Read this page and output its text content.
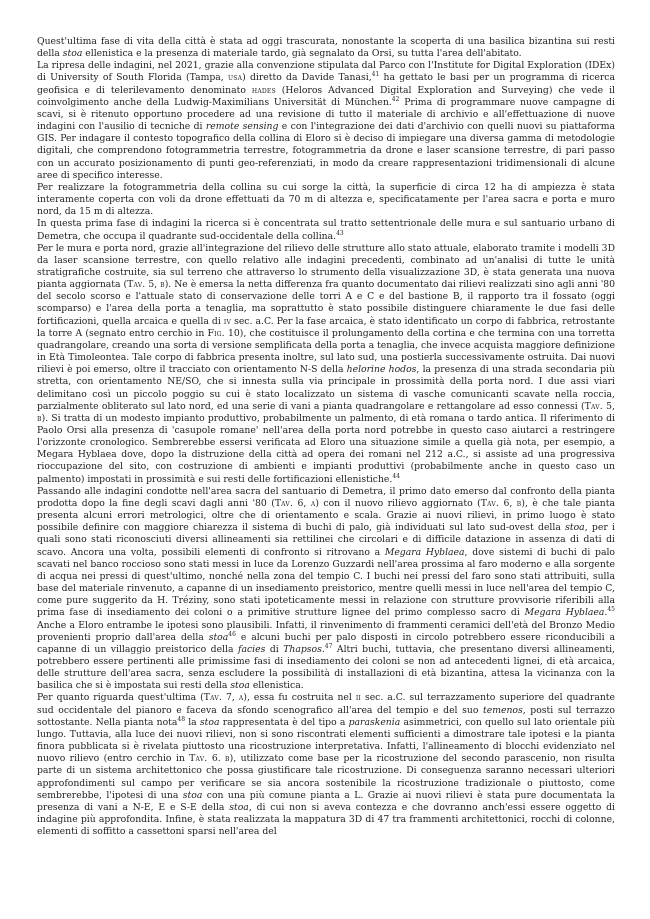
Quest'ultima fase di vita della città è stata ad oggi trascurata, nonostante la scoperta di una basilica bizantina sui resti della stoa ellenistica e la presenza di materiale tardo, già segnalato da Orsi, su tutta l'area dell'abitato.

La ripresa delle indagini, nel 2021, grazie alla convenzione stipulata dal Parco con l'Institute for Digital Exploration (IDEx) di University of South Florida (Tampa, usa) diretto da Davide Tanasi,$^{41}$ ha gettato le basi per un programma di ricerca geofisica e di telerilevamento denominato hades (Heloros Advanced Digital Exploration and Surveying) che vede il coinvolgimento anche della Ludwig-Maximilians Universität di München.$^{42}$ Prima di programmare nuove campagne di scavi, si è ritenuto opportuno procedere ad una revisione di tutto il materiale di archivio e all'effettuazione di nuove indagini con l'ausilio di tecniche di remote sensing e con l'integrazione dei dati d'archivio con quelli nuovi su piattaforma GIS. Per indagare il contesto topografico della collina di Eloro si è deciso di impiegare una diversa gamma di metodologie digitali, che comprendono fotogrammetria terrestre, fotogrammetria da drone e laser scansione terrestre, di pari passo con un accurato posizionamento di punti geo-referenziati, in modo da creare rappresentazioni tridimensionali di alcune aree di specifico interesse.

Per realizzare la fotogrammetria della collina su cui sorge la città, la superficie di circa 12 ha di ampiezza è stata interamente coperta con voli da drone effettuati da 70 m di altezza e, specificatamente per l'area sacra e porta e muro nord, da 15 m di altezza.

In questa prima fase di indagini la ricerca si è concentrata sul tratto settentrionale delle mura e sul santuario urbano di Demetra, che occupa il quadrante sud-occidentale della collina.$^{43}$

Per le mura e porta nord, grazie all'integrazione del rilievo delle strutture allo stato attuale, elaborato tramite i modelli 3D da laser scansione terrestre, con quello relativo alle indagini precedenti, combinato ad un'analisi di tutte le unità stratigrafiche costruite, sia sul terreno che attraverso lo strumento della visualizzazione 3D, è stata generata una nuova pianta aggiornata (Tav. 5, b). Ne è emersa la netta differenza fra quanto documentato dai rilievi realizzati sino agli anni '80 del secolo scorso e l'attuale stato di conservazione delle torri A e C e del bastione B, il rapporto tra il fossato (oggi scomparso) e l'area della porta a tenaglia, ma soprattutto è stato possibile distinguere chiaramente le due fasi delle fortificazioni, quella arcaica e quella di iv sec. a.C. Per la fase arcaica, è stato identificato un corpo di fabbrica, retrostante la torre A (segnato entro cerchio in Fig. 10), che costituisce il prolungamento della cortina e che termina con una torretta quadrangolare, creando una sorta di versione semplificata della porta a tenaglia, che invece acquista maggiore definizione in Età Timoleontea. Tale corpo di fabbrica presenta inoltre, sul lato sud, una postierla successivamente ostruita. Dai nuovi rilievi è poi emerso, oltre il tracciato con orientamento N-S della helorine hodos, la presenza di una strada secondaria più stretta, con orientamento NE/SO, che si innesta sulla via principale in prossimità della porta nord. I due assi viari delimitano così un piccolo poggio su cui è stato localizzato un sistema di vasche comunicanti scavate nella roccia, parzialmente obliterato sul lato nord, ed una serie di vani a pianta quadrangolare e rettangolare ad esso connessi (Tav. 5, b). Si tratta di un modesto impianto produttivo, probabilmente un palmento, di età romana o tardo antica. Il riferimento di Paolo Orsi alla presenza di 'casupole romane' nell'area della porta nord potrebbe in questo caso aiutarci a restringere l'orizzonte cronologico. Sembrerebbe essersi verificata ad Eloro una situazione simile a quella già nota, per esempio, a Megara Hyblaea dove, dopo la distruzione della città ad opera dei romani nel 212 a.C., si assiste ad una progressiva rioccupazione del sito, con costruzione di ambienti e impianti produttivi (probabilmente anche in questo caso un palmento) impostati in prossimità e sui resti delle fortificazioni ellenistiche.$^{44}$

Passando alle indagini condotte nell'area sacra del santuario di Demetra, il primo dato emerso dal confronto della pianta prodotta dopo la fine degli scavi dagli anni '80 (Tav. 6, a) con il nuovo rilievo aggiornato (Tav. 6, b), è che tale pianta presenta alcuni errori metrologici, oltre che di orientamento e scala. Grazie ai nuovi rilievi, in primo luogo è stato possibile definire con maggiore chiarezza il sistema di buchi di palo, già individuati sul lato sud-ovest della stoa, per i quali sono stati riconosciuti diversi allineamenti sia rettilinei che circolari e di difficile datazione in assenza di dati di scavo. Ancora una volta, possibili elementi di confronto si ritrovano a Megara Hyblaea, dove sistemi di buchi di palo scavati nel banco roccioso sono stati messi in luce da Lorenzo Guzzardi nell'area prossima al faro moderno e alla sorgente di acqua nei pressi di quest'ultimo, nonché nella zona del tempio C. I buchi nei pressi del faro sono stati attribuiti, sulla base del materiale rinvenuto, a capanne di un insediamento preistorico, mentre quelli messi in luce nell'area del tempio C, come pure suggerito da H. Tréziny, sono stati ipoteticamente messi in relazione con strutture provvisorie riferibili alla prima fase di insediamento dei coloni o a primitive strutture lignee del primo complesso sacro di Megara Hyblaea.$^{45}$ Anche a Eloro entrambe le ipotesi sono plausibili. Infatti, il rinvenimento di frammenti ceramici dell'età del Bronzo Medio provenienti proprio dall'area della stoa$^{46}$ e alcuni buchi per palo disposti in circolo potrebbero essere riconducibili a capanne di un villaggio preistorico della facies di Thapsos.$^{47}$ Altri buchi, tuttavia, che presentano diversi allineamenti, potrebbero essere pertinenti alle primissime fasi di insediamento dei coloni se non ad antecedenti lignei, di età arcaica, delle strutture dell'area sacra, senza escludere la possibilità di installazioni di età bizantina, attesa la vicinanza con la basilica che si è impostata sui resti della stoa ellenistica.

Per quanto riguarda quest'ultima (Tav. 7, a), essa fu costruita nel ii sec. a.C. sul terrazzamento superiore del quadrante sud occidentale del pianoro e faceva da sfondo scenografico all'area del tempio e del suo temenos, posti sul terrazzo sottostante. Nella pianta nota$^{48}$ la stoa rappresentata è del tipo a paraskenia asimmetrici, con quello sul lato orientale più lungo. Tuttavia, alla luce dei nuovi rilievi, non si sono riscontrati elementi sufficienti a dimostrare tale ipotesi e la pianta finora pubblicata si è rivelata piuttosto una ricostruzione interpretativa. Infatti, l'allineamento di blocchi evidenziato nel nuovo rilievo (entro cerchio in Tav. 6. b), utilizzato come base per la ricostruzione del secondo parascenio, non risulta parte di un sistema architettonico che possa giustificare tale ricostruzione. Di conseguenza saranno necessari ulteriori approfondimenti sul campo per verificare se sia ancora sostenibile la ricostruzione tradizionale o piuttosto, come sembrerebbe, l'ipotesi di una stoa con una più comune pianta a L. Grazie ai nuovi rilievi è stata pure documentata la presenza di vani a N-E, E e S-E della stoa, di cui non si aveva contezza e che dovranno anch'essi essere oggetto di indagine più approfondita. Infine, è stata realizzata la mappatura 3D di 47 tra frammenti architettonici, rocchi di colonne, elementi di soffitto a cassettoni sparsi nell'area del
